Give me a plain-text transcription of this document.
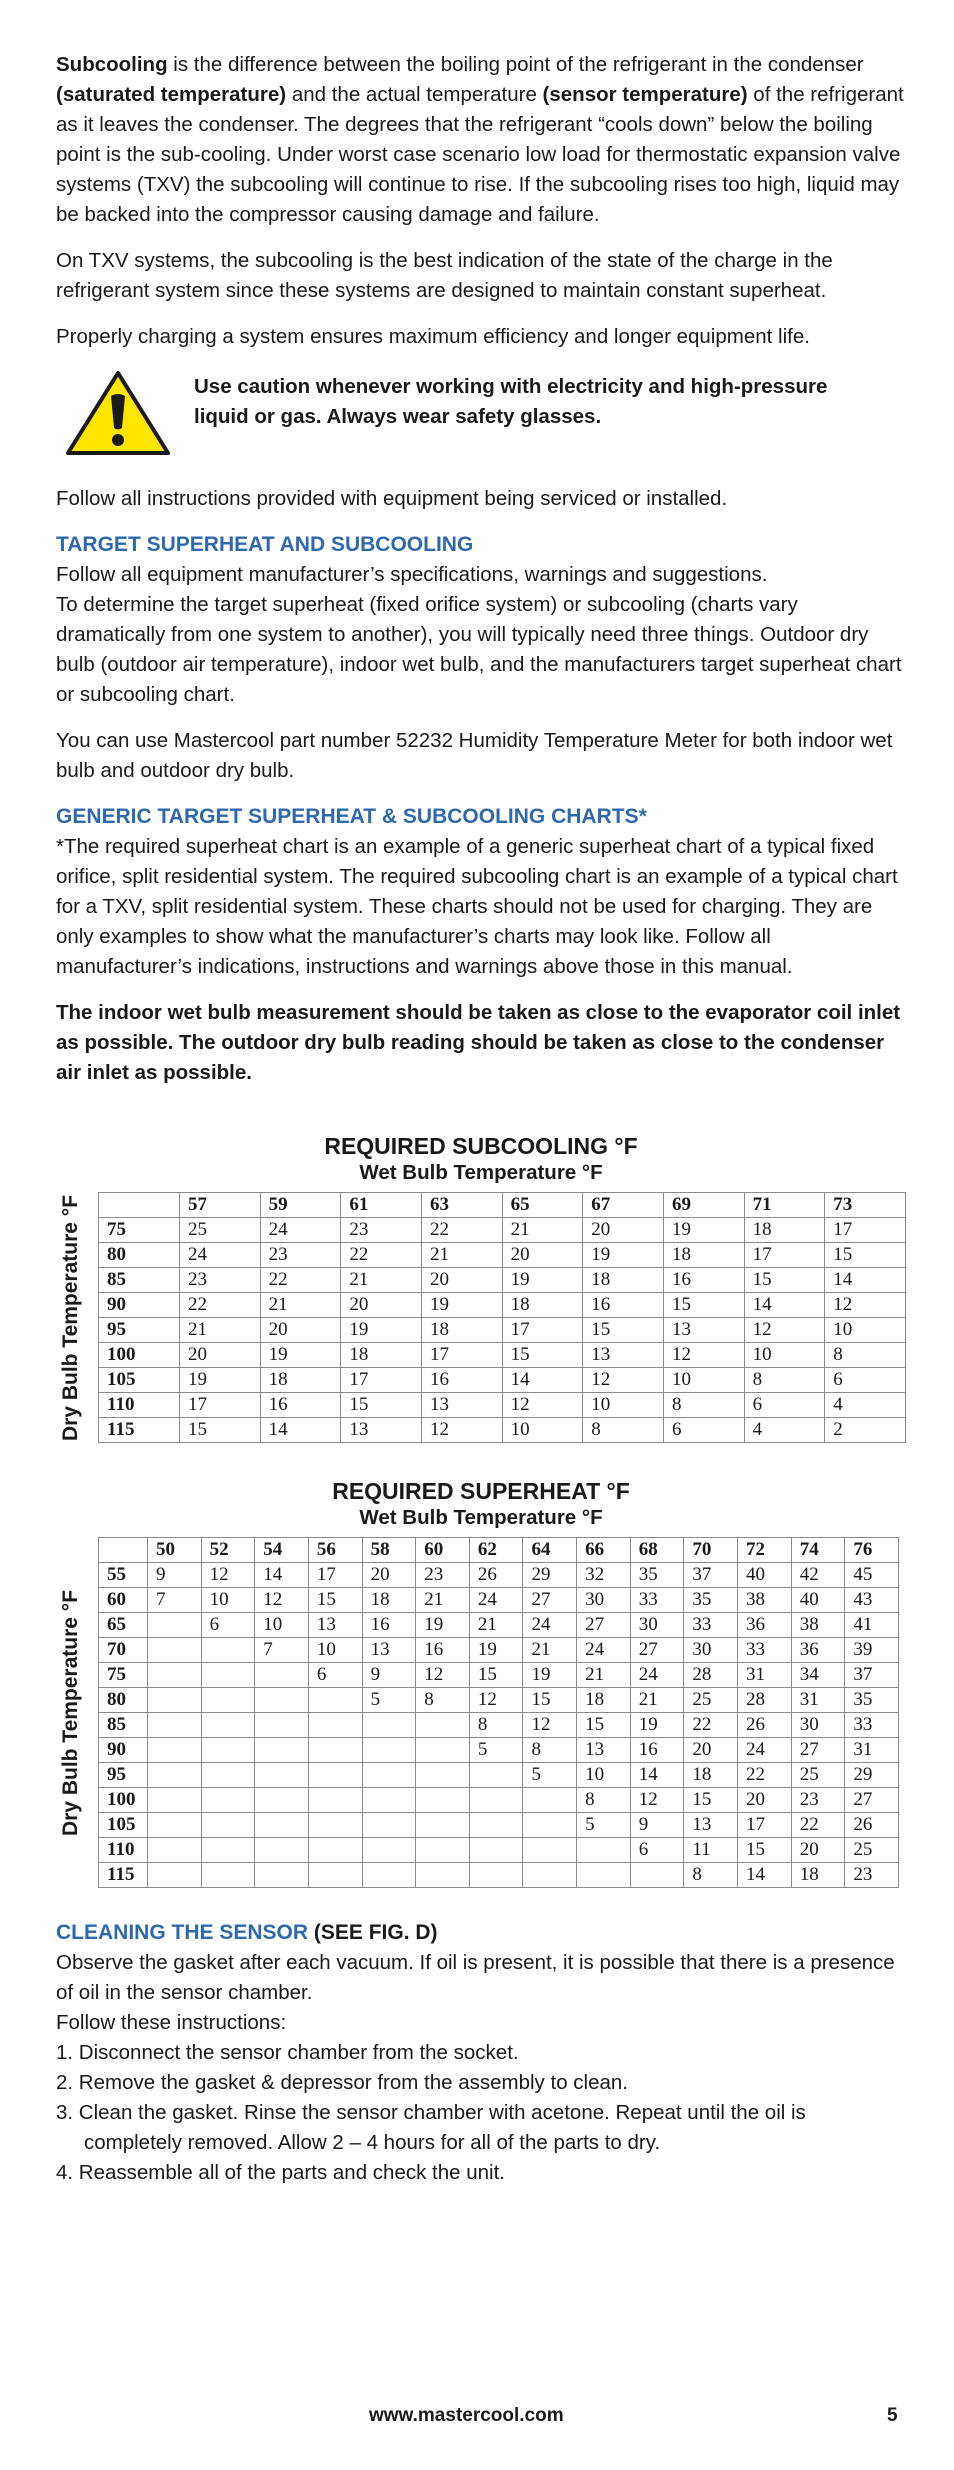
Subcooling is the difference between the boiling point of the refrigerant in the condenser (saturated temperature) and the actual temperature (sensor temperature) of the refrigerant as it leaves the condenser. The degrees that the refrigerant “cools down” below the boiling point is the sub-cooling. Under worst case scenario low load for thermostatic expansion valve systems (TXV) the subcooling will continue to rise. If the subcooling rises too high, liquid may be backed into the compressor causing damage and failure.

On TXV systems, the subcooling is the best indication of the state of the charge in the refrigerant system since these systems are designed to maintain constant superheat.

Properly charging a system ensures maximum efficiency and longer equipment life.

Use caution whenever working with electricity and high-pressure liquid or gas. Always wear safety glasses.

Follow all instructions provided with equipment being serviced or installed.

TARGET SUPERHEAT AND SUBCOOLING

Follow all equipment manufacturer’s specifications, warnings and suggestions.
To determine the target superheat (fixed orifice system) or subcooling (charts vary dramatically from one system to another), you will typically need three things. Outdoor dry bulb (outdoor air temperature), indoor wet bulb, and the manufacturers target superheat chart or subcooling chart.

You can use Mastercool part number 52232 Humidity Temperature Meter for both indoor wet bulb and outdoor dry bulb.

GENERIC TARGET SUPERHEAT & SUBCOOLING CHARTS*

*The required superheat chart is an example of a generic superheat chart of a typical fixed orifice, split residential system. The required subcooling chart is an example of a typical chart for a TXV, split residential system. These charts should not be used for charging. They are only examples to show what the manufacturer’s charts may look like. Follow all manufacturer’s indications, instructions and warnings above those in this manual.

The indoor wet bulb measurement should be taken as close to the evaporator coil inlet as possible. The outdoor dry bulb reading should be taken as close to the condenser air inlet as possible.

REQUIRED SUBCOOLING °F
Wet Bulb Temperature °F
Dry Bulb Temperature °F
		57	59	61	63	65	67	69	71	73
75	25	24	23	22	21	20	19	18	17
80	24	23	22	21	20	19	18	17	15
85	23	22	21	20	19	18	16	15	14
90	22	21	20	19	18	16	15	14	12
95	21	20	19	18	17	15	13	12	10
100	20	19	18	17	15	13	12	10	8
105	19	18	17	16	14	12	10	8	6
110	17	16	15	13	12	10	8	6	4
115	15	14	13	12	10	8	6	4	2
REQUIRED SUPERHEAT °F
Wet Bulb Temperature °F
Dry Bulb Temperature °F
	50	52	54	56	58	60	62	64	66	68	70	72	74	76
55	9	12	14	17	20	23	26	29	32	35	37	40	42	45
60	7	10	12	15	18	21	24	27	30	33	35	38	40	43
65		6	10	13	16	19	21	24	27	30	33	36	38	41
70			7	10	13	16	19	21	24	27	30	33	36	39
75				6	9	12	15	19	21	24	28	31	34	37
80					5	8	12	15	18	21	25	28	31	35
85							8	12	15	19	22	26	30	33
90							5	8	13	16	20	24	27	31
95								5	10	14	18	22	25	29
100									8	12	15	20	23	27
105									5	9	13	17	22	26
110										6	11	15	20	25
115											8	14	18	23
CLEANING THE SENSOR (SEE FIG. D)

Observe the gasket after each vacuum. If oil is present, it is possible that there is a presence of oil in the sensor chamber.
Follow these instructions:

1. Disconnect the sensor chamber from the socket.
2. Remove the gasket & depressor from the assembly to clean.
3. Clean the gasket. Rinse the sensor chamber with acetone. Repeat until the oil is completely removed. Allow 2 – 4 hours for all of the parts to dry.
4. Reassemble all of the parts and check the unit.
www.mastercool.com	5
